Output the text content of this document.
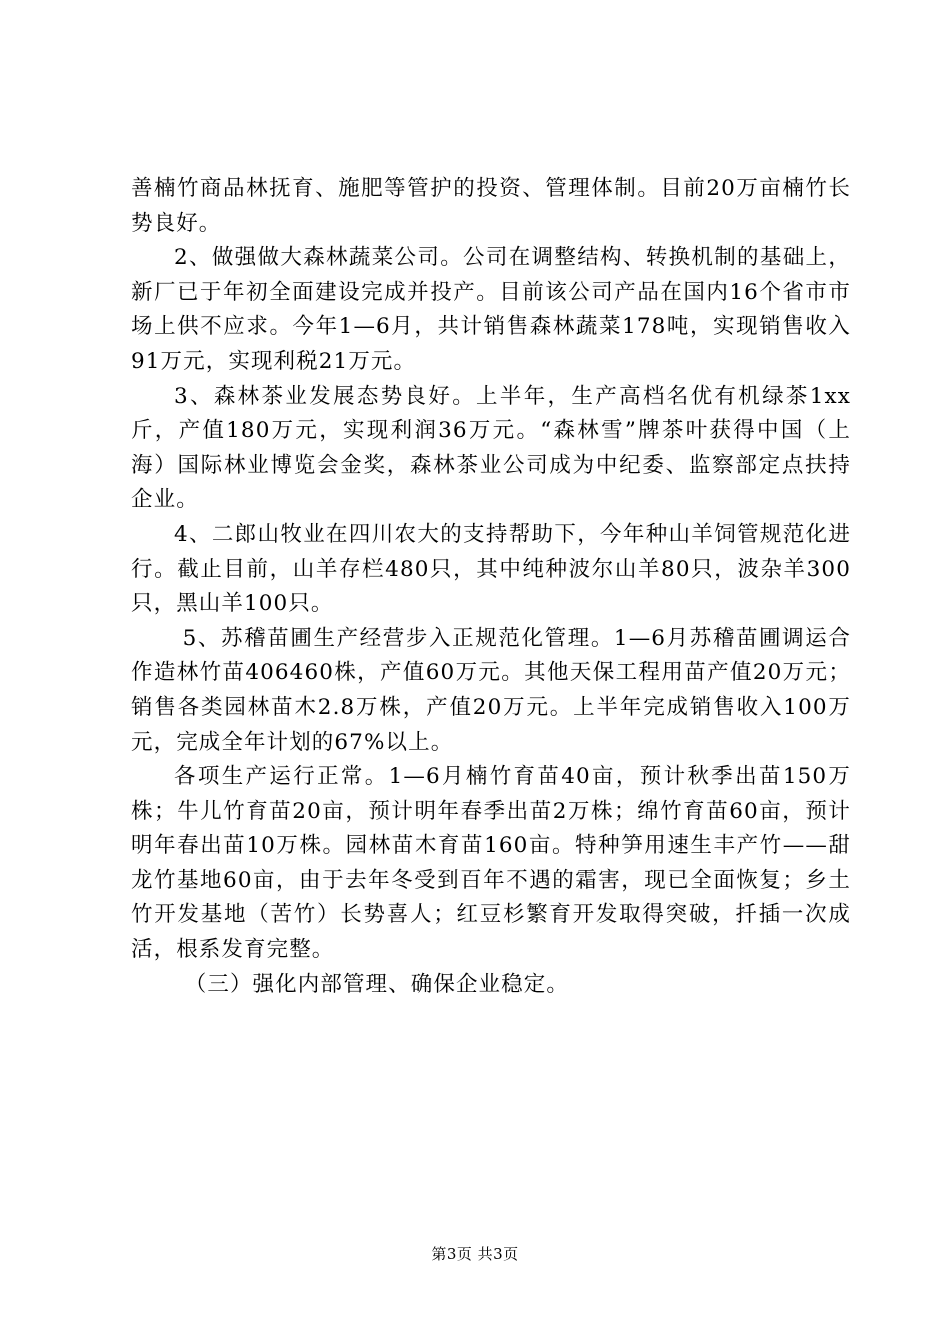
善楠竹商品林抚育、施肥等管护的投资、管理体制。目前20万亩楠竹长势良好。

2、做强做大森林蔬菜公司。公司在调整结构、转换机制的基础上，新厂已于年初全面建设完成并投产。目前该公司产品在国内16个省市市场上供不应求。今年1—6月，共计销售森林蔬菜178吨，实现销售收入91万元，实现利税21万元。

3、森林茶业发展态势良好。上半年，生产高档名优有机绿茶1xx斤，产值180万元，实现利润36万元。“森林雪”牌茶叶获得中国（上海）国际林业博览会金奖，森林茶业公司成为中纪委、监察部定点扶持企业。

4、二郎山牧业在四川农大的支持帮助下，今年种山羊饲管规范化进行。截止目前，山羊存栏480只，其中纯种波尔山羊80只，波杂羊300只，黑山羊100只。

5、苏稽苗圃生产经营步入正规范化管理。1—6月苏稽苗圃调运合作造林竹苗406460株，产值60万元。其他天保工程用苗产值20万元；销售各类园林苗木2.8万株，产值20万元。上半年完成销售收入100万元，完成全年计划的67%以上。

各项生产运行正常。1—6月楠竹育苗40亩，预计秋季出苗150万株；牛儿竹育苗20亩，预计明年春季出苗2万株；绵竹育苗60亩，预计明年春出苗10万株。园林苗木育苗160亩。特种笋用速生丰产竹——甜龙竹基地60亩，由于去年冬受到百年不遇的霜害，现已全面恢复；乡土竹开发基地（苦竹）长势喜人；红豆杉繁育开发取得突破，扦插一次成活，根系发育完整。

（三）强化内部管理、确保企业稳定。

第3页 共3页
